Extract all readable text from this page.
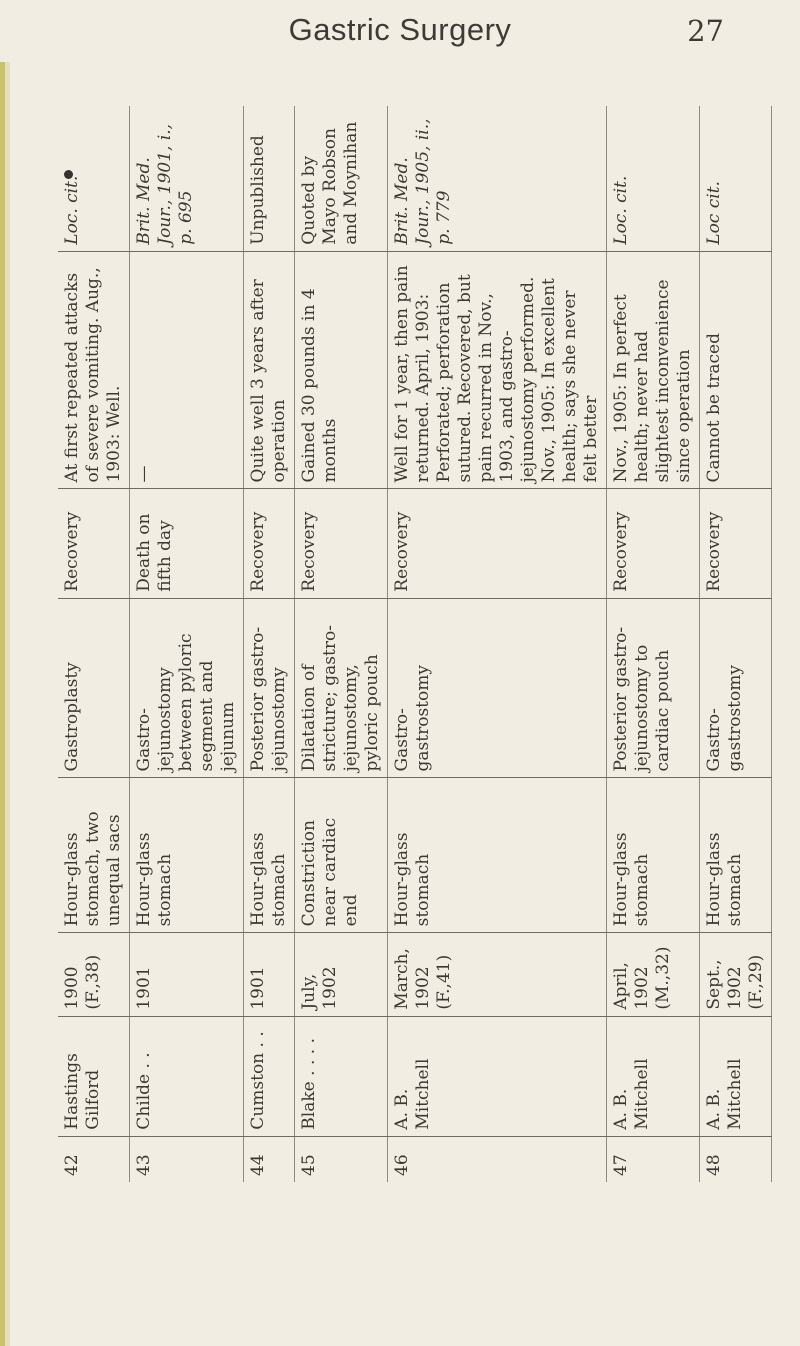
Gastric Surgery	27
42	Hastings Gilford	1900 (F.,38)	Hour-glass stomach, two unequal sacs	Gastroplasty	Recovery	At first repeated attacks of severe vomiting. Aug., 1903: Well.	Loc. cit.
43	Childe . .	1901	Hour-glass stomach	Gastro-jejunostomy between pyloric segment and jejunum	Death on fifth day	—	Brit. Med. Jour., 1901, i., p. 695
44	Cumston . .	1901	Hour-glass stomach	Posterior gastro-jejunostomy	Recovery	Quite well 3 years after operation	Unpublished
45	Blake . . . .	July, 1902	Constriction near cardiac end	Dilatation of stricture; gastro-jejunostomy, pyloric pouch	Recovery	Gained 30 pounds in 4 months	Quoted by Mayo Robson and Moynihan
46	A. B. Mitchell	March, 1902 (F.,41)	Hour-glass stomach	Gastro-gastrostomy	Recovery	Well for 1 year, then pain returned. April, 1903: Perforated; perforation sutured. Recovered, but pain recurred in Nov., 1903, and gastro-jejunostomy performed. Nov., 1905: In excellent health; says she never felt better	Brit. Med. Jour., 1905, ii., p. 779
47	A. B. Mitchell	April, 1902 (M.,32)	Hour-glass stomach	Posterior gastro-jejunostomy to cardiac pouch	Recovery	Nov., 1905: In perfect health; never had slightest inconvenience since operation	Loc. cit.
48	A. B. Mitchell	Sept., 1902 (F.,29)	Hour-glass stomach	Gastro-gastrostomy	Recovery	Cannot be traced	Loc cit.
